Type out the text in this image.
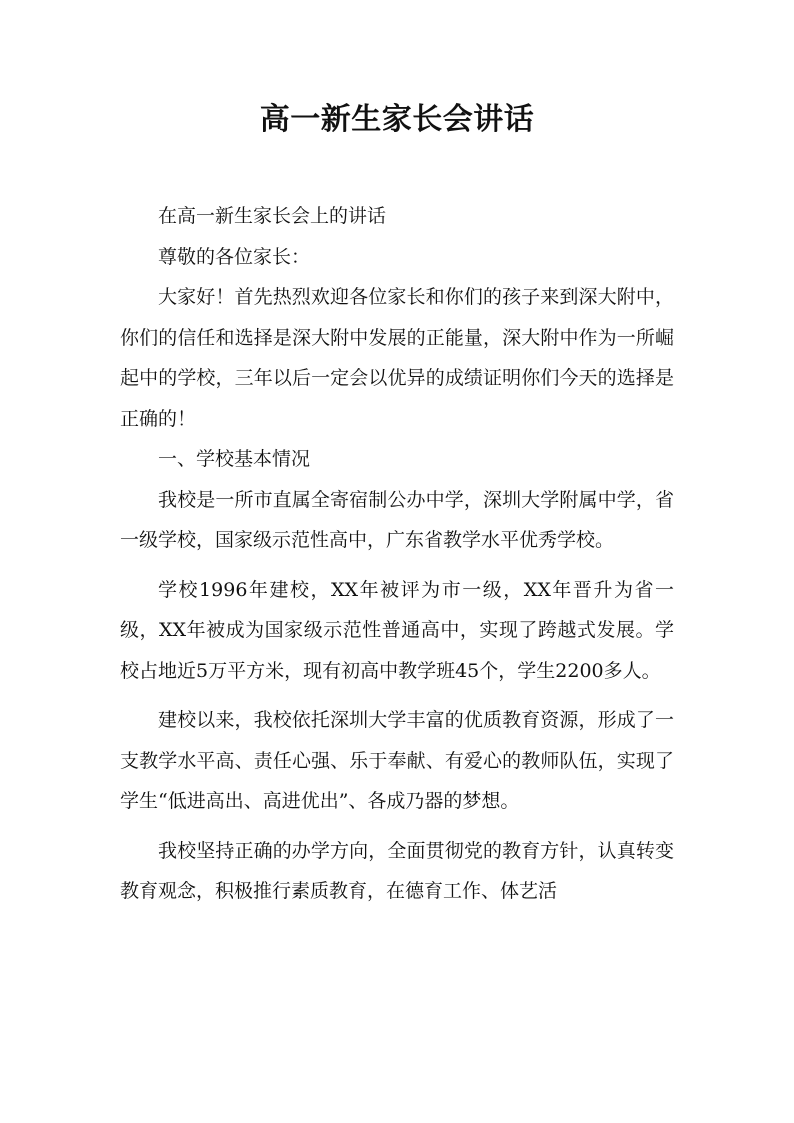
高一新生家长会讲话

在高一新生家长会上的讲话

尊敬的各位家长：

大家好！首先热烈欢迎各位家长和你们的孩子来到深大附中，你们的信任和选择是深大附中发展的正能量，深大附中作为一所崛起中的学校，三年以后一定会以优异的成绩证明你们今天的选择是正确的！

一、学校基本情况

我校是一所市直属全寄宿制公办中学，深圳大学附属中学，省一级学校，国家级示范性高中，广东省教学水平优秀学校。

学校1996年建校，XX年被评为市一级，XX年晋升为省一级，XX年被成为国家级示范性普通高中，实现了跨越式发展。学校占地近5万平方米，现有初高中教学班45个，学生2200多人。

建校以来，我校依托深圳大学丰富的优质教育资源，形成了一支教学水平高、责任心强、乐于奉献、有爱心的教师队伍，实现了学生“低进高出、高进优出”、各成乃器的梦想。

我校坚持正确的办学方向，全面贯彻党的教育方针，认真转变教育观念，积极推行素质教育，在德育工作、体艺活
